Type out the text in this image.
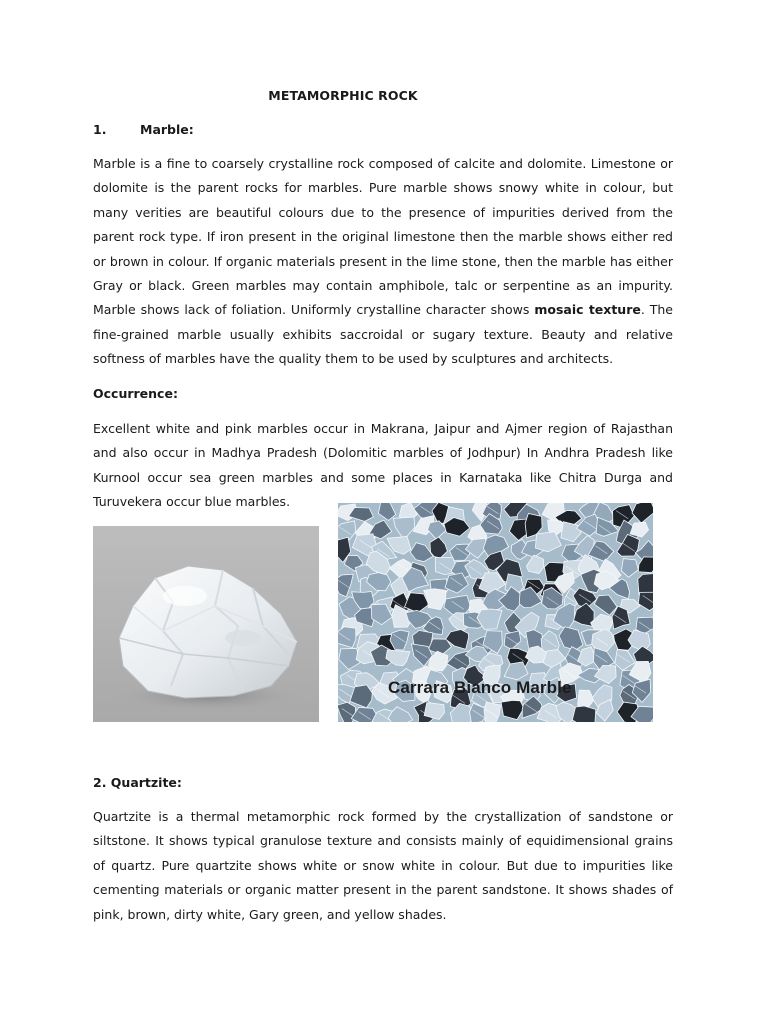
METAMORPHIC ROCK
1.	Marble:

Marble is a fine to coarsely crystalline rock composed of calcite and dolomite. Limestone or dolomite is the parent rocks for marbles. Pure marble shows snowy white in colour, but many verities are beautiful colours due to the presence of impurities derived from the parent rock type. If iron present in the original limestone then the marble shows either red or brown in colour. If organic materials present in the lime stone, then the marble has either Gray or black. Green marbles may contain amphibole, talc or serpentine as an impurity. Marble shows lack of foliation. Uniformly crystalline character shows mosaic texture. The fine-grained marble usually exhibits saccroidal or sugary texture. Beauty and relative softness of marbles have the quality them to be used by sculptures and architects.

Occurrence:

Excellent white and pink marbles occur in Makrana, Jaipur and Ajmer region of Rajasthan and also occur in Madhya Pradesh (Dolomitic marbles of Jodhpur) In Andhra Pradesh like Kurnool occur sea green marbles and some places in Karnataka like Chitra Durga and Turuvekera occur blue marbles.

Carrara Bianco Marble
2. Quartzite:

Quartzite is a thermal metamorphic rock formed by the crystallization of sandstone or siltstone. It shows typical granulose texture and consists mainly of equidimensional grains of quartz. Pure quartzite shows white or snow white in colour. But due to impurities like cementing materials or organic matter present in the parent sandstone. It shows shades of pink, brown, dirty white, Gary green, and yellow shades.
